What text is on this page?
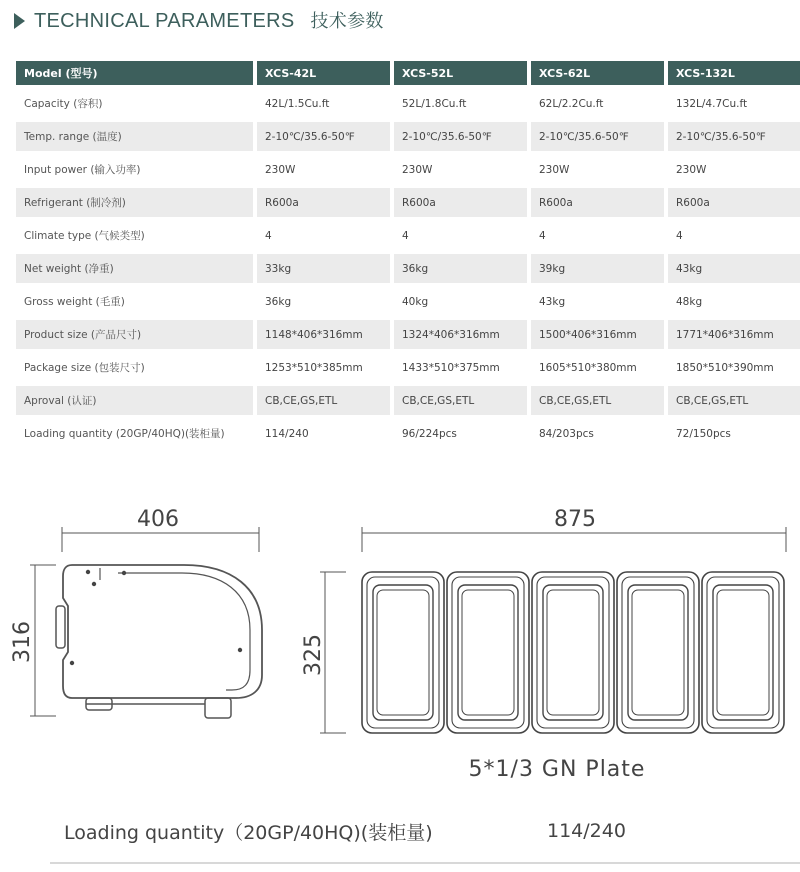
TECHNICAL PARAMETERS 技术参数
Model (型号)	XCS-42L	XCS-52L	XCS-62L	XCS-132L
Capacity (容积)	42L/1.5Cu.ft	52L/1.8Cu.ft	62L/2.2Cu.ft	132L/4.7Cu.ft
Temp. range (温度)	2-10℃/35.6-50℉	2-10℃/35.6-50℉	2-10℃/35.6-50℉	2-10℃/35.6-50℉
Input power (输入功率)	230W	230W	230W	230W
Refrigerant (制冷剂)	R600a	R600a	R600a	R600a
Climate type (气候类型)	4	4	4	4
Net weight (净重)	33kg	36kg	39kg	43kg
Gross weight (毛重)	36kg	40kg	43kg	48kg
Product size (产品尺寸)	1148*406*316mm	1324*406*316mm	1500*406*316mm	1771*406*316mm
Package size (包装尺寸)	1253*510*385mm	1433*510*375mm	1605*510*380mm	1850*510*390mm
Aproval (认证)	CB,CE,GS,ETL	CB,CE,GS,ETL	CB,CE,GS,ETL	CB,CE,GS,ETL
Loading quantity (20GP/40HQ)(装柜量)	114/240	96/224pcs	84/203pcs	72/150pcs
406
316
875
325
5*1/3 GN Plate
Loading quantity（20GP/40HQ)(装柜量)	114/240
